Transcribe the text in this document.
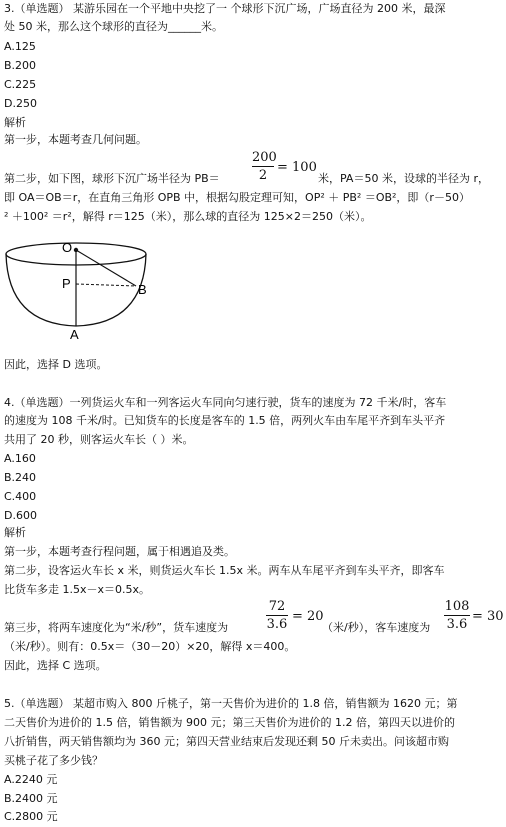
3.（单选题） 某游乐园在一个平地中央挖了一 个球形下沉广场，广场直径为 200 米，最深
处 50 米，那么这个球形的直径为______米。
A.125
B.200
C.225
D.250
解析
第一步，本题考查几何问题。
第二步，如下图，球形下沉广场半径为 PB＝
200
2
= 100
米，PA＝50 米，设球的半径为 r，
即 OA＝OB＝r，在直角三角形 OPB 中，根据勾股定理可知，OP² ＋ PB² ＝OB²，即（r－50）
² ＋100² ＝r²，解得 r＝125（米），那么球的直径为 125×2＝250（米）。
O
P	B
A
因此，选择 D 选项。
4.（单选题）一列货运火车和一列客运火车同向匀速行驶，货车的速度为 72 千米/时，客车
的速度为 108 千米/时。已知货车的长度是客车的 1.5 倍，两列火车由车尾平齐到车头平齐
共用了 20 秒，则客运火车长（ ）米。
A.160
B.240
C.400
D.600
解析
第一步，本题考查行程问题，属于相遇追及类。
第二步，设客运火车长 x 米，则货运火车长 1.5x 米。两车从车尾平齐到车头平齐，即客车
比货车多走 1.5x－x＝0.5x。
第三步，将两车速度化为“米/秒”，货车速度为
72
3.6
= 20
（米/秒），客车速度为
108
3.6
= 30
（米/秒）。则有：0.5x＝（30－20）×20，解得 x＝400。
因此，选择 C 选项。
5.（单选题） 某超市购入 800 斤桃子，第一天售价为进价的 1.8 倍，销售额为 1620 元；第
二天售价为进价的 1.5 倍，销售额为 900 元；第三天售价为进价的 1.2 倍，第四天以进价的
八折销售，两天销售额均为 360 元；第四天营业结束后发现还剩 50 斤未卖出。问该超市购
买桃子花了多少钱？
A.2240 元
B.2400 元
C.2800 元
